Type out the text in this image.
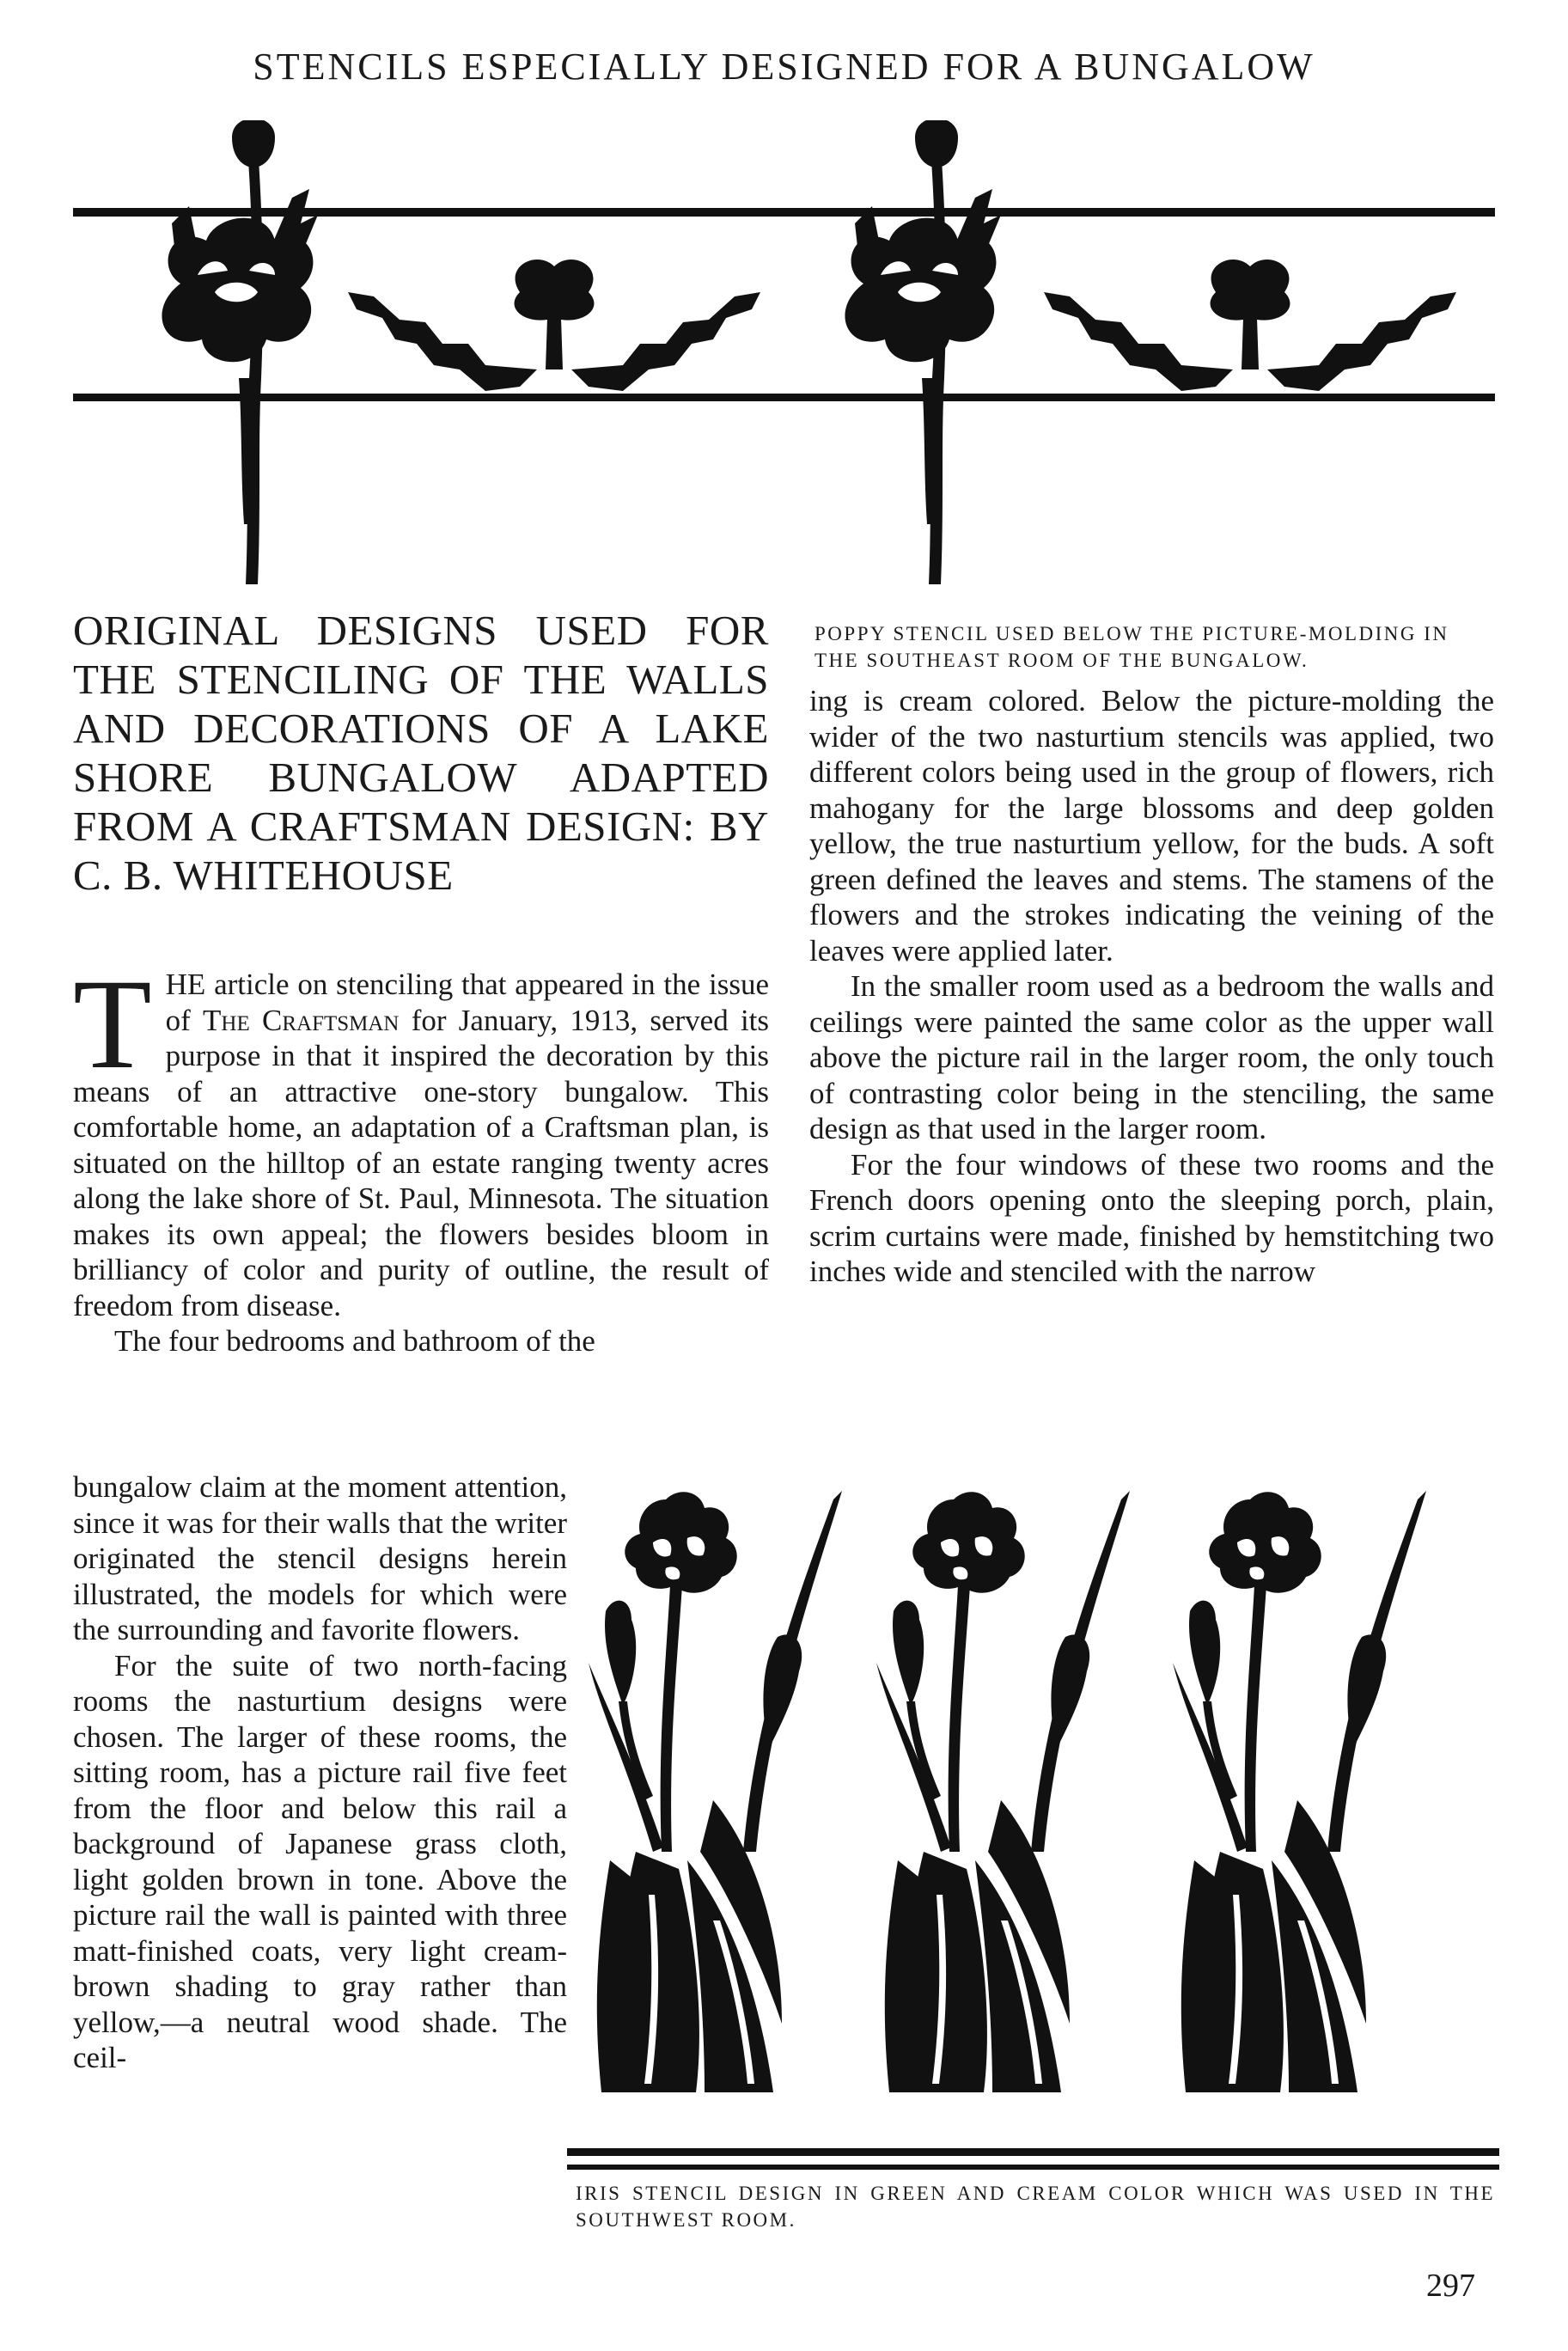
STENCILS ESPECIALLY DESIGNED FOR A BUNGALOW
ORIGINAL DESIGNS USED FOR THE STENCILING OF THE WALLS AND DECORATIONS OF A LAKE SHORE BUNGALOW ADAPTED FROM A CRAFTSMAN DESIGN: BY C. B. WHITEHOUSE
POPPY STENCIL USED BELOW THE PICTURE-MOLDING IN THE SOUTHEAST ROOM OF THE BUNGALOW.

THE article on stenciling that appeared in the issue of The Craftsman for January, 1913, served its purpose in that it inspired the decoration by this means of an attractive one-story bungalow. This comfortable home, an adaptation of a Craftsman plan, is situated on the hilltop of an estate ranging twenty acres along the lake shore of St. Paul, Minnesota. The situation makes its own appeal; the flowers besides bloom in brilliancy of color and purity of outline, the result of freedom from disease.

The four bedrooms and bathroom of the

bungalow claim at the moment attention, since it was for their walls that the writer originated the stencil designs herein illustrated, the models for which were the surrounding and favorite flowers.

For the suite of two north-facing rooms the nasturtium designs were chosen. The larger of these rooms, the sitting room, has a picture rail five feet from the floor and below this rail a background of Japanese grass cloth, light golden brown in tone. Above the picture rail the wall is painted with three matt-finished coats, very light cream-brown shading to gray rather than yellow,—a neutral wood shade. The ceil-

ing is cream colored. Below the picture-molding the wider of the two nasturtium stencils was applied, two different colors being used in the group of flowers, rich mahogany for the large blossoms and deep golden yellow, the true nasturtium yellow, for the buds. A soft green defined the leaves and stems. The stamens of the flowers and the strokes indicating the veining of the leaves were applied later.

In the smaller room used as a bedroom the walls and ceilings were painted the same color as the upper wall above the picture rail in the larger room, the only touch of contrasting color being in the stenciling, the same design as that used in the larger room.

For the four windows of these two rooms and the French doors opening onto the sleeping porch, plain, scrim curtains were made, finished by hemstitching two inches wide and stenciled with the narrow

IRIS STENCIL DESIGN IN GREEN AND CREAM COLOR WHICH WAS USED IN THE SOUTHWEST ROOM.
297
